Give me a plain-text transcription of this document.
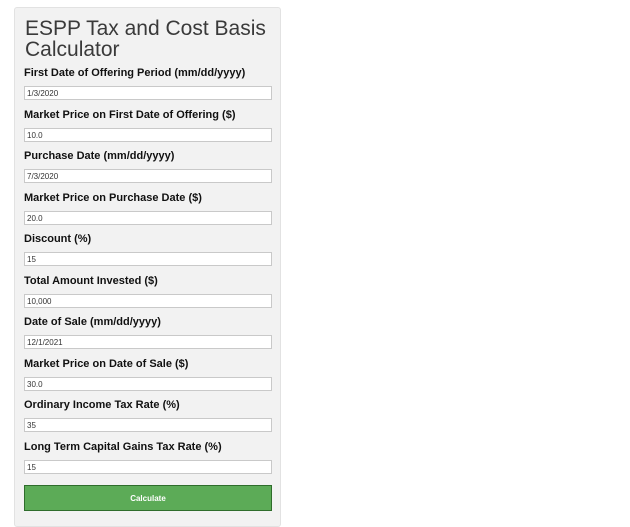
ESPP Tax and Cost Basis Calculator
First Date of Offering Period (mm/dd/yyyy)
1/3/2020
Market Price on First Date of Offering ($)
10.0
Purchase Date (mm/dd/yyyy)
7/3/2020
Market Price on Purchase Date ($)
20.0
Discount (%)
15
Total Amount Invested ($)
10,000
Date of Sale (mm/dd/yyyy)
12/1/2021
Market Price on Date of Sale ($)
30.0
Ordinary Income Tax Rate (%)
35
Long Term Capital Gains Tax Rate (%)
15
Calculate
